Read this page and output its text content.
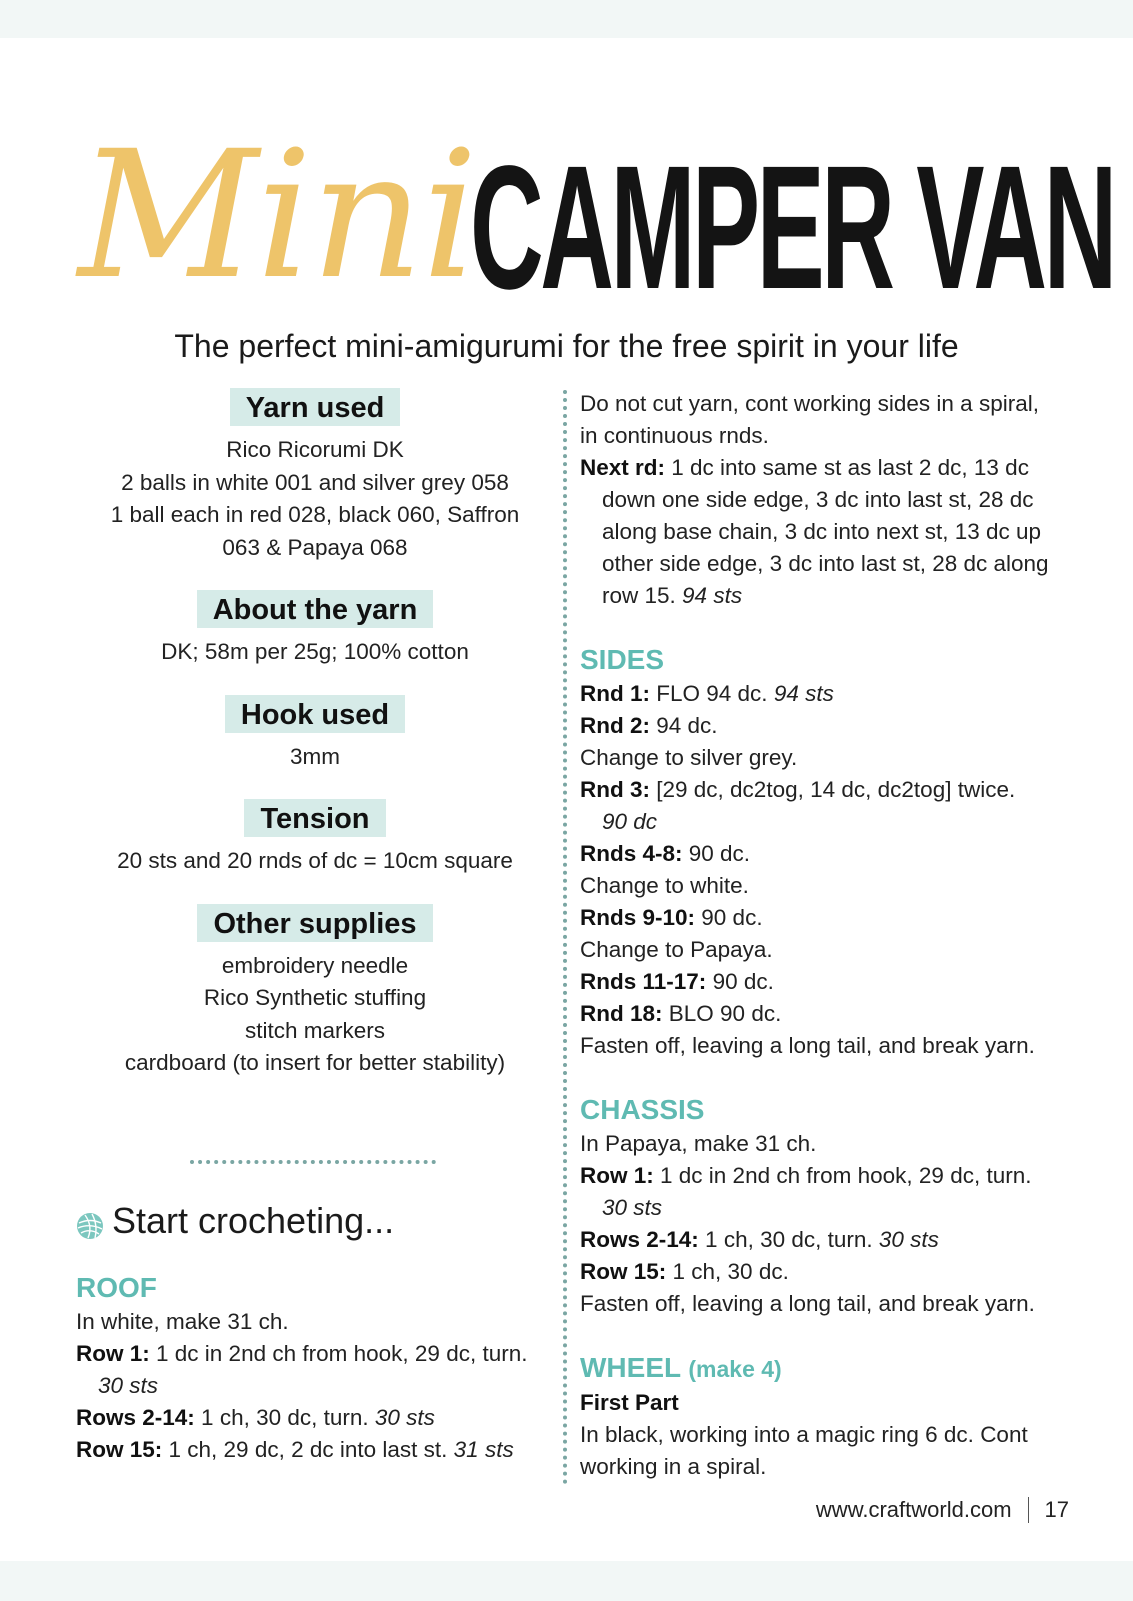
Mini
CAMPER VAN

The perfect mini-amigurumi for the free spirit in your life

Yarn used
Rico Ricorumi DK
2 balls in white 001 and silver grey 058
1 ball each in red 028, black 060, Saffron
063 & Papaya 068
About the yarn
DK; 58m per 25g; 100% cotton
Hook used
3mm
Tension
20 sts and 20 rnds of dc = 10cm square
Other supplies
embroidery needle
Rico Synthetic stuffing
stitch markers
cardboard (to insert for better stability)
Start crocheting...
ROOF
In white, make 31 ch.
Row 1: 1 dc in 2nd ch from hook, 29 dc, turn.
30 sts
Rows 2-14: 1 ch, 30 dc, turn. 30 sts
Row 15: 1 ch, 29 dc, 2 dc into last st. 31 sts
Do not cut yarn, cont working sides in a spiral,
in continuous rnds.
Next rd: 1 dc into same st as last 2 dc, 13 dc
down one side edge, 3 dc into last st, 28 dc
along base chain, 3 dc into next st, 13 dc up
other side edge, 3 dc into last st, 28 dc along
row 15. 94 sts
SIDES
Rnd 1: FLO 94 dc. 94 sts
Rnd 2: 94 dc.
Change to silver grey.
Rnd 3: [29 dc, dc2tog, 14 dc, dc2tog] twice.
90 dc
Rnds 4-8: 90 dc.
Change to white.
Rnds 9-10: 90 dc.
Change to Papaya.
Rnds 11-17: 90 dc.
Rnd 18: BLO 90 dc.
Fasten off, leaving a long tail, and break yarn.
CHASSIS
In Papaya, make 31 ch.
Row 1: 1 dc in 2nd ch from hook, 29 dc, turn.
30 sts
Rows 2-14: 1 ch, 30 dc, turn. 30 sts
Row 15: 1 ch, 30 dc.
Fasten off, leaving a long tail, and break yarn.
WHEEL (make 4)
First Part
In black, working into a magic ring 6 dc. Cont
working in a spiral.
www.craftworld.com 17
